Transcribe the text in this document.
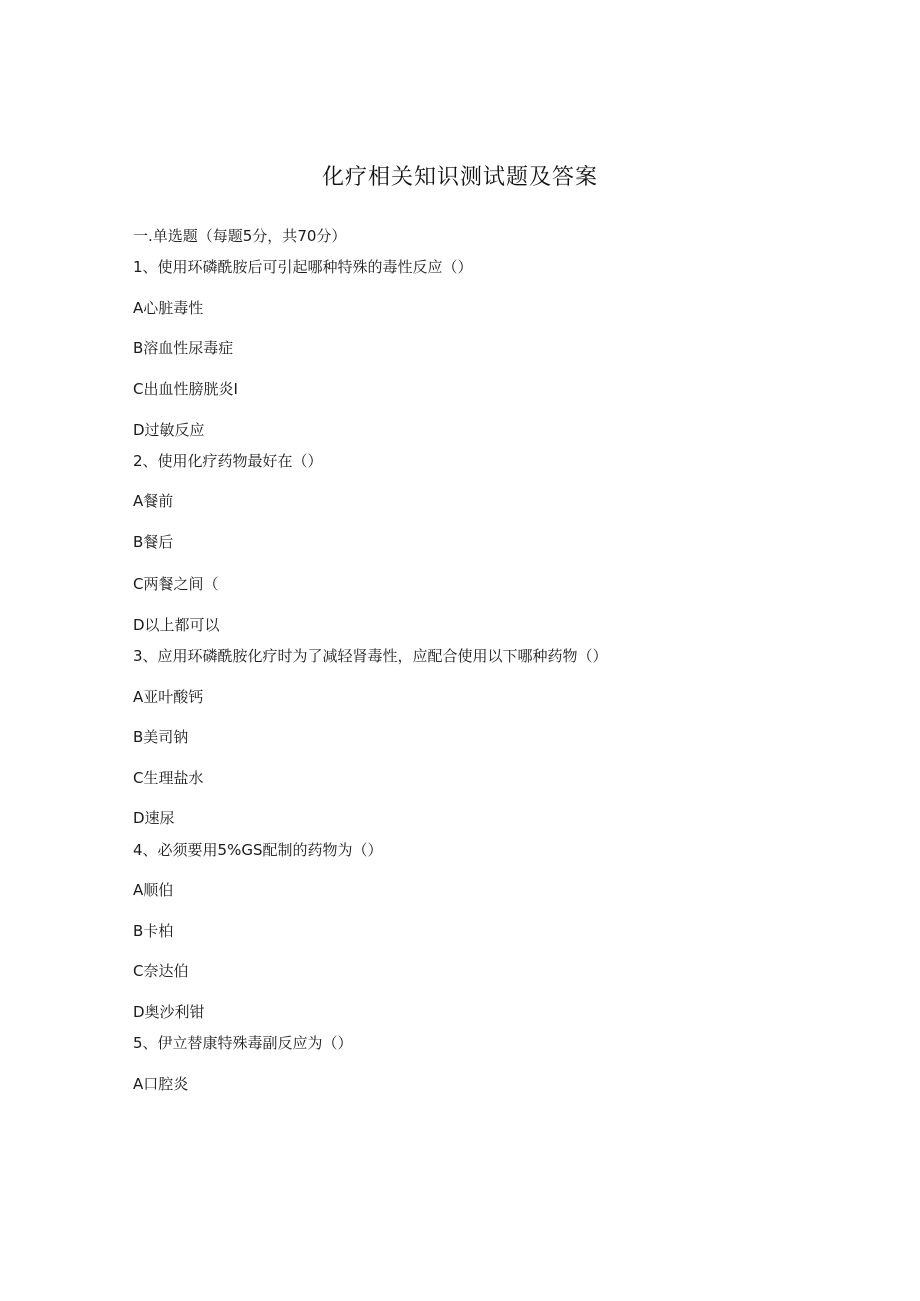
化疗相关知识测试题及答案
一.单选题（每题5分，共70分）
1、使用环磷酰胺后可引起哪种特殊的毒性反应（）
A心脏毒性
B溶血性尿毒症
C出血性膀胱炎I
D过敏反应
2、使用化疗药物最好在（）
A餐前
B餐后
C两餐之间（
D以上都可以
3、应用环磷酰胺化疗时为了减轻肾毒性，应配合使用以下哪种药物（）
A亚叶酸钙
B美司钠
C生理盐水
D速尿
4、必须要用5%GS配制的药物为（）
A顺伯
B卡柏
C奈达伯
D奥沙利钳
5、伊立替康特殊毒副反应为（）
A口腔炎
